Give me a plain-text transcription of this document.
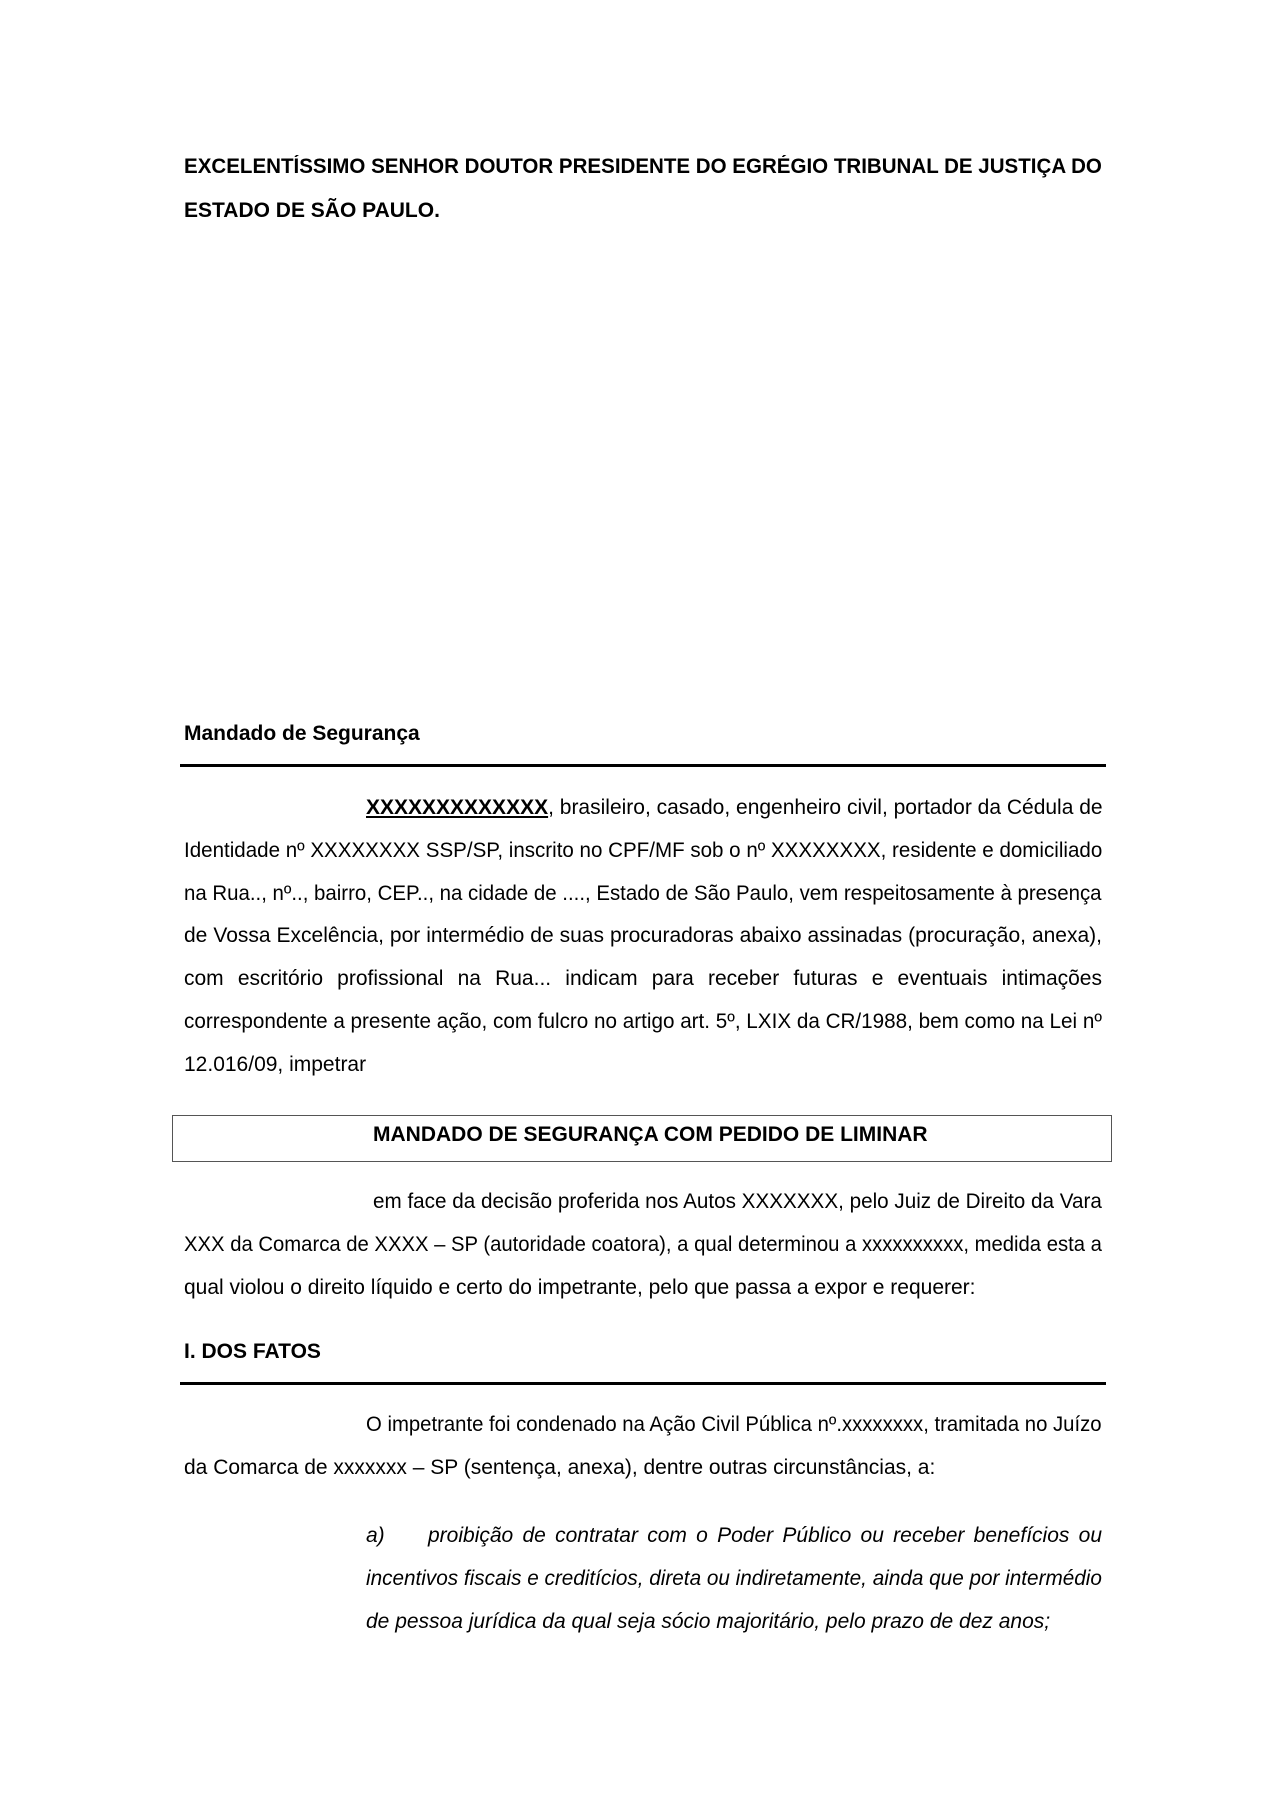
EXCELENTÍSSIMO SENHOR DOUTOR PRESIDENTE DO EGRÉGIO TRIBUNAL DE JUSTIÇA DO
ESTADO DE SÃO PAULO.
Mandado de Segurança
XXXXXXXXXXXXX, brasileiro, casado, engenheiro civil, portador da Cédula de
Identidade nº XXXXXXXX SSP/SP, inscrito no CPF/MF sob o nº XXXXXXXX, residente e domiciliado
na Rua.., nº.., bairro, CEP.., na cidade de ...., Estado de São Paulo, vem respeitosamente à presença
de Vossa Excelência, por intermédio de suas procuradoras abaixo assinadas (procuração, anexa),
com escritório profissional na Rua... indicam para receber futuras e eventuais intimações
correspondente a presente ação, com fulcro no artigo art. 5º, LXIX da CR/1988, bem como na Lei nº
12.016/09, impetrar
MANDADO DE SEGURANÇA COM PEDIDO DE LIMINAR
em face da decisão proferida nos Autos XXXXXXX, pelo Juiz de Direito da Vara
XXX da Comarca de XXXX – SP (autoridade coatora), a qual determinou a xxxxxxxxxx, medida esta a
qual violou o direito líquido e certo do impetrante, pelo que passa a expor e requerer:
I. DOS FATOS
O impetrante foi condenado na Ação Civil Pública nº.xxxxxxxx, tramitada no Juízo
da Comarca de xxxxxxx – SP (sentença, anexa), dentre outras circunstâncias, a:
a)	proibição de contratar com o Poder Público ou receber benefícios ou
incentivos fiscais e creditícios, direta ou indiretamente, ainda que por intermédio
de pessoa jurídica da qual seja sócio majoritário, pelo prazo de dez anos;
